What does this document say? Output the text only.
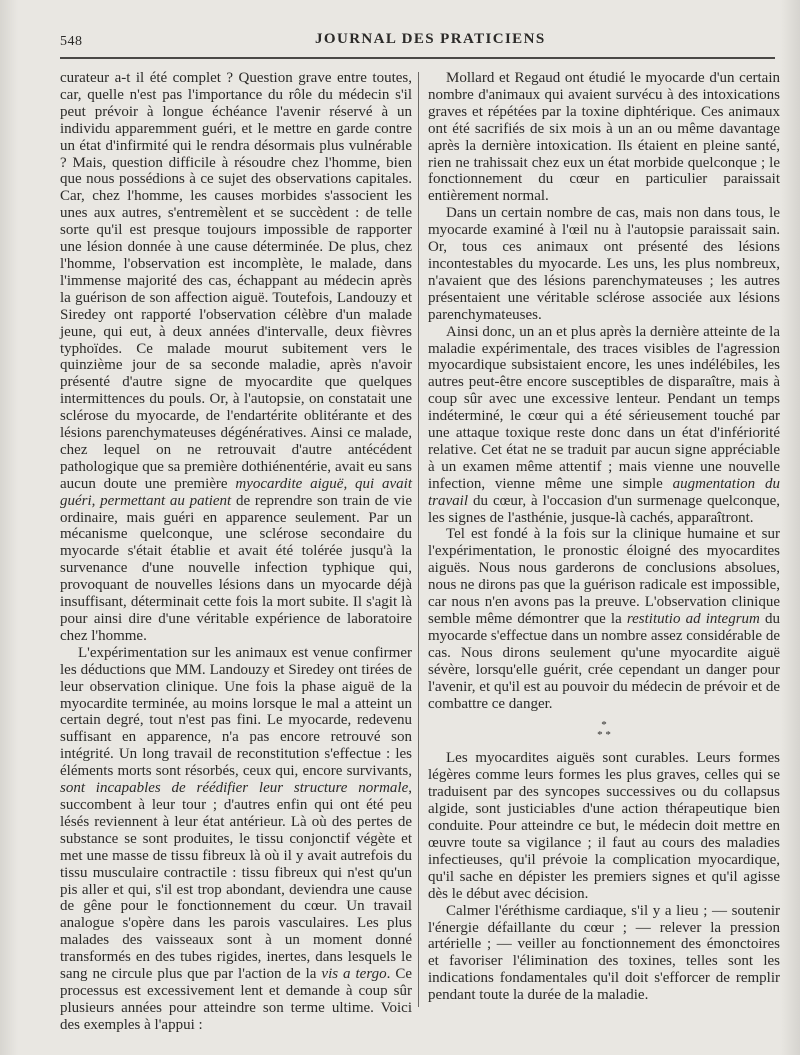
548	JOURNAL DES PRATICIENS

curateur a-t il été complet ? Question grave entre toutes, car, quelle n'est pas l'importance du rôle du médecin s'il peut prévoir à longue échéance l'avenir réservé à un individu apparemment guéri, et le mettre en garde contre un état d'infirmité qui le rendra désormais plus vulnérable ? Mais, question difficile à résoudre chez l'homme, bien que nous possédions à ce sujet des observations capitales. Car, chez l'homme, les causes morbides s'associent les unes aux autres, s'entremèlent et se succèdent : de telle sorte qu'il est presque toujours impossible de rapporter une lésion donnée à une cause déterminée. De plus, chez l'homme, l'observation est incomplète, le malade, dans l'immense majorité des cas, échappant au médecin après la guérison de son affection aiguë. Toutefois, Landouzy et Siredey ont rapporté l'observation célèbre d'un malade jeune, qui eut, à deux années d'intervalle, deux fièvres typhoïdes. Ce malade mourut subitement vers le quinzième jour de sa seconde maladie, après n'avoir présenté d'autre signe de myocardite que quelques intermittences du pouls. Or, à l'autopsie, on constatait une sclérose du myocarde, de l'endartérite oblitérante et des lésions parenchymateuses dégénératives. Ainsi ce malade, chez lequel on ne retrouvait d'autre antécédent pathologique que sa première dothiénentérie, avait eu sans aucun doute une première myocardite aiguë, qui avait guéri, permettant au patient de reprendre son train de vie ordinaire, mais guéri en apparence seulement. Par un mécanisme quelconque, une sclérose secondaire du myocarde s'était établie et avait été tolérée jusqu'à la survenance d'une nouvelle infection typhique qui, provoquant de nouvelles lésions dans un myocarde déjà insuffisant, déterminait cette fois la mort subite. Il s'agit là pour ainsi dire d'une véritable expérience de laboratoire chez l'homme.

L'expérimentation sur les animaux est venue confirmer les déductions que MM. Landouzy et Siredey ont tirées de leur observation clinique. Une fois la phase aiguë de la myocardite terminée, au moins lorsque le mal a atteint un certain degré, tout n'est pas fini. Le myocarde, redevenu suffisant en apparence, n'a pas encore retrouvé son intégrité. Un long travail de reconstitution s'effectue : les éléments morts sont résorbés, ceux qui, encore survivants, sont incapables de réédifier leur structure normale, succombent à leur tour ; d'autres enfin qui ont été peu lésés reviennent à leur état antérieur. Là où des pertes de substance se sont produites, le tissu conjonctif végète et met une masse de tissu fibreux là où il y avait autrefois du tissu musculaire contractile : tissu fibreux qui n'est qu'un pis aller et qui, s'il est trop abondant, deviendra une cause de gêne pour le fonctionnement du cœur. Un travail analogue s'opère dans les parois vasculaires. Les plus malades des vaisseaux sont à un moment donné transformés en des tubes rigides, inertes, dans lesquels le sang ne circule plus que par l'action de la vis a tergo. Ce processus est excessivement lent et demande à coup sûr plusieurs années pour atteindre son terme ultime. Voici des exemples à l'appui :

Mollard et Regaud ont étudié le myocarde d'un certain nombre d'animaux qui avaient survécu à des intoxications graves et répétées par la toxine diphtérique. Ces animaux ont été sacrifiés de six mois à un an ou même davantage après la dernière intoxication. Ils étaient en pleine santé, rien ne trahissait chez eux un état morbide quelconque ; le fonctionnement du cœur en particulier paraissait entièrement normal.

Dans un certain nombre de cas, mais non dans tous, le myocarde examiné à l'œil nu à l'autopsie paraissait sain. Or, tous ces animaux ont présenté des lésions incontestables du myocarde. Les uns, les plus nombreux, n'avaient que des lésions parenchymateuses ; les autres présentaient une véritable sclérose associée aux lésions parenchymateuses.

Ainsi donc, un an et plus après la dernière atteinte de la maladie expérimentale, des traces visibles de l'agression myocardique subsistaient encore, les unes indélébiles, les autres peut-être encore susceptibles de disparaître, mais à coup sûr avec une excessive lenteur. Pendant un temps indéterminé, le cœur qui a été sérieusement touché par une attaque toxique reste donc dans un état d'infériorité relative. Cet état ne se traduit par aucun signe appréciable à un examen même attentif ; mais vienne une nouvelle infection, vienne même une simple augmentation du travail du cœur, à l'occasion d'un surmenage quelconque, les signes de l'asthénie, jusque-là cachés, apparaîtront.

Tel est fondé à la fois sur la clinique humaine et sur l'expérimentation, le pronostic éloigné des myocardites aiguës. Nous nous garderons de conclusions absolues, nous ne dirons pas que la guérison radicale est impossible, car nous n'en avons pas la preuve. L'observation clinique semble même démontrer que la restitutio ad integrum du myocarde s'effectue dans un nombre assez considérable de cas. Nous dirons seulement qu'une myocardite aiguë sévère, lorsqu'elle guérit, crée cependant un danger pour l'avenir, et qu'il est au pouvoir du médecin de prévoir et de combattre ce danger.

*
* *

Les myocardites aiguës sont curables. Leurs formes légères comme leurs formes les plus graves, celles qui se traduisent par des syncopes successives ou du collapsus algide, sont justiciables d'une action thérapeutique bien conduite. Pour atteindre ce but, le médecin doit mettre en œuvre toute sa vigilance ; il faut au cours des maladies infectieuses, qu'il prévoie la complication myocardique, qu'il sache en dépister les premiers signes et qu'il agisse dès le début avec décision.

Calmer l'éréthisme cardiaque, s'il y a lieu ; — soutenir l'énergie défaillante du cœur ; — relever la pression artérielle ; — veiller au fonctionnement des émonctoires et favoriser l'élimination des toxines, telles sont les indications fondamentales qu'il doit s'efforcer de remplir pendant toute la durée de la maladie.
